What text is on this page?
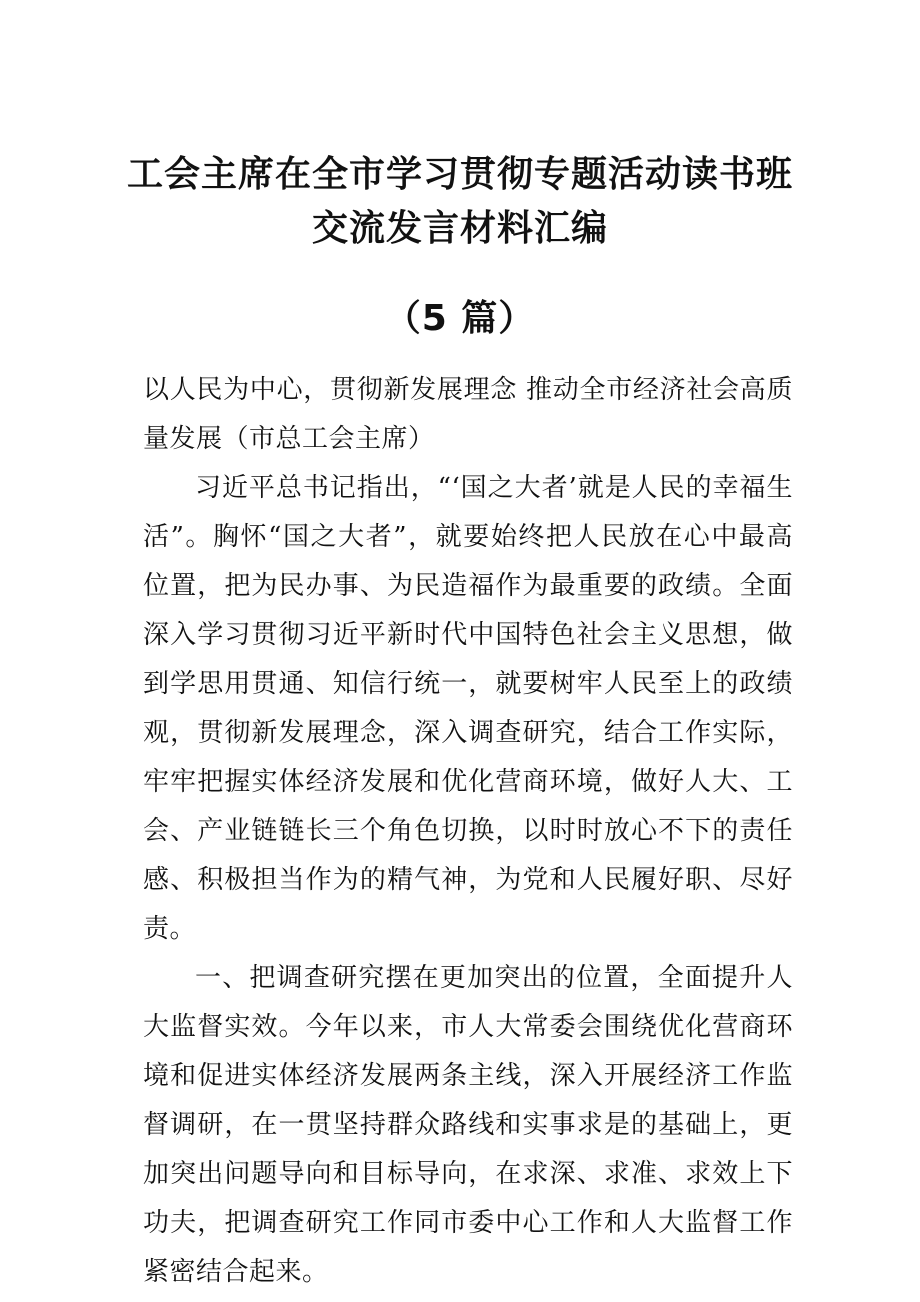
工会主席在全市学习贯彻专题活动读书班
交流发言材料汇编
（5 篇）

以人民为中心，贯彻新发展理念 推动全市经济社会高质量发展（市总工会主席）

习近平总书记指出，“‘国之大者’就是人民的幸福生活”。胸怀“国之大者”，就要始终把人民放在心中最高位置，把为民办事、为民造福作为最重要的政绩。全面深入学习贯彻习近平新时代中国特色社会主义思想，做到学思用贯通、知信行统一，就要树牢人民至上的政绩观，贯彻新发展理念，深入调查研究，结合工作实际，牢牢把握实体经济发展和优化营商环境，做好人大、工会、产业链链长三个角色切换，以时时放心不下的责任感、积极担当作为的精气神，为党和人民履好职、尽好责。

一、把调查研究摆在更加突出的位置，全面提升人大监督实效。今年以来，市人大常委会围绕优化营商环境和促进实体经济发展两条主线，深入开展经济工作监督调研，在一贯坚持群众路线和实事求是的基础上，更加突出问题导向和目标导向，在求深、求准、求效上下功夫，把调查研究工作同市委中心工作和人大监督工作紧密结合起来。
